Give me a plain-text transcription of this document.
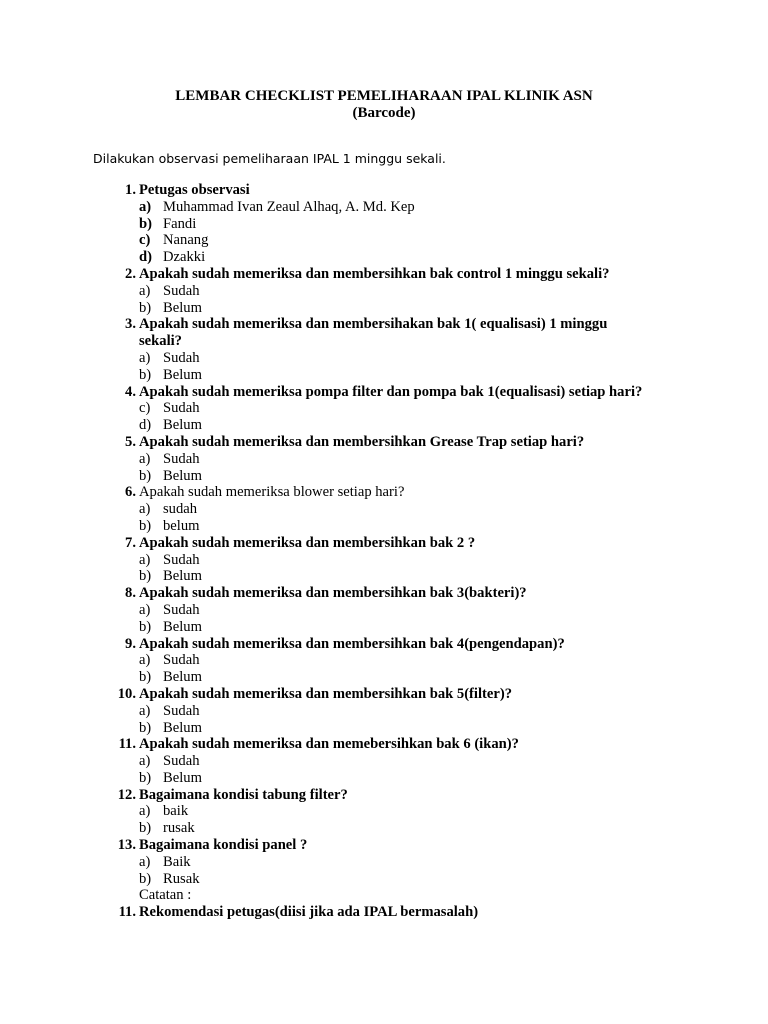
LEMBAR CHECKLIST PEMELIHARAAN IPAL KLINIK ASN
(Barcode)
Dilakukan observasi pemeliharaan IPAL 1 minggu sekali.
1. Petugas observasi
a) Muhammad Ivan Zeaul Alhaq, A. Md. Kep
b) Fandi
c) Nanang
d) Dzakki
2. Apakah sudah memeriksa dan membersihkan bak control 1 minggu sekali?
a) Sudah
b) Belum
3. Apakah sudah memeriksa dan membersihakan bak 1( equalisasi) 1 minggu
sekali?
a) Sudah
b) Belum
4. Apakah sudah memeriksa pompa filter dan pompa bak 1(equalisasi) setiap hari?
c) Sudah
d) Belum
5. Apakah sudah memeriksa dan membersihkan Grease Trap setiap hari?
a) Sudah
b) Belum
6. Apakah sudah memeriksa blower setiap hari?
a) sudah
b) belum
7. Apakah sudah memeriksa dan membersihkan bak 2 ?
a) Sudah
b) Belum
8. Apakah sudah memeriksa dan membersihkan bak 3(bakteri)?
a) Sudah
b) Belum
9. Apakah sudah memeriksa dan membersihkan bak 4(pengendapan)?
a) Sudah
b) Belum
10. Apakah sudah memeriksa dan membersihkan bak 5(filter)?
a) Sudah
b) Belum
11. Apakah sudah memeriksa dan memebersihkan bak 6 (ikan)?
a) Sudah
b) Belum
12. Bagaimana kondisi tabung filter?
a) baik
b) rusak
13. Bagaimana kondisi panel ?
a) Baik
b) Rusak
Catatan :
11. Rekomendasi petugas(diisi jika ada IPAL bermasalah)
